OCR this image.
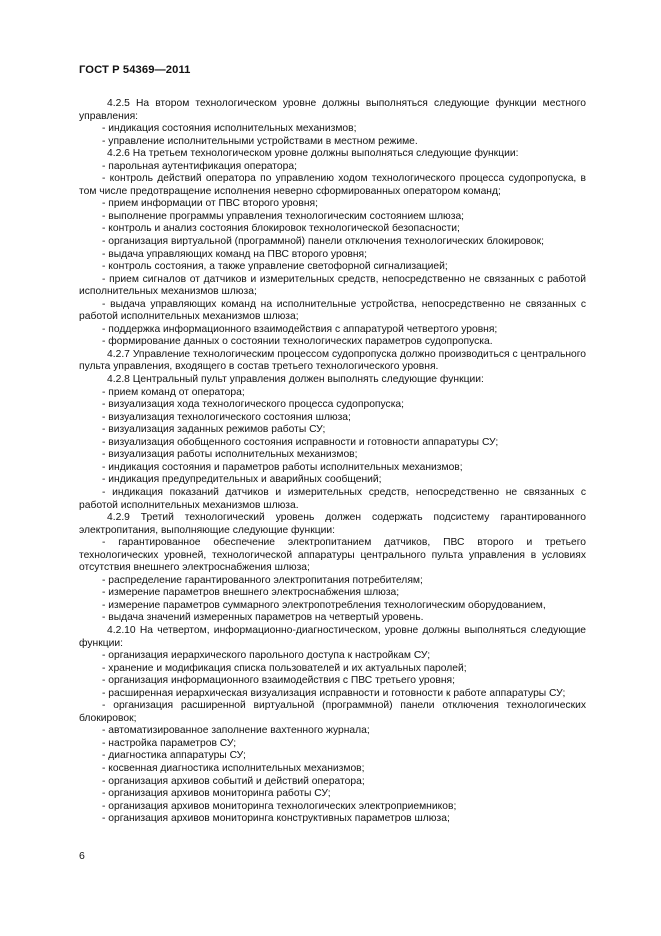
ГОСТ Р 54369—2011

4.2.5 На втором технологическом уровне должны выполняться следующие функции местного управления:

- индикация состояния исполнительных механизмов;

- управление исполнительными устройствами в местном режиме.

4.2.6 На третьем технологическом уровне должны выполняться следующие функции:

- парольная аутентификация оператора;

- контроль действий оператора по управлению ходом технологического процесса судопропуска, в том числе предотвращение исполнения неверно сформированных оператором команд;

- прием информации от ПВС второго уровня;

- выполнение программы управления технологическим состоянием шлюза;

- контроль и анализ состояния блокировок технологической безопасности;

- организация виртуальной (программной) панели отключения технологических блокировок;

- выдача управляющих команд на ПВС второго уровня;

- контроль состояния, а также управление светофорной сигнализацией;

- прием сигналов от датчиков и измерительных средств, непосредственно не связанных с работой исполнительных механизмов шлюза;

- выдача управляющих команд на исполнительные устройства, непосредственно не связанных с работой исполнительных механизмов шлюза;

- поддержка информационного взаимодействия с аппаратурой четвертого уровня;

- формирование данных о состоянии технологических параметров судопропуска.

4.2.7 Управление технологическим процессом судопропуска должно производиться с центрального пульта управления, входящего в состав третьего технологического уровня.

4.2.8 Центральный пульт управления должен выполнять следующие функции:

- прием команд от оператора;

- визуализация хода технологического процесса судопропуска;

- визуализация технологического состояния шлюза;

- визуализация заданных режимов работы СУ;

- визуализация обобщенного состояния исправности и готовности аппаратуры СУ;

- визуализация работы исполнительных механизмов;

- индикация состояния и параметров работы исполнительных механизмов;

- индикация предупредительных и аварийных сообщений;

- индикация показаний датчиков и измерительных средств, непосредственно не связанных с работой исполнительных механизмов шлюза.

4.2.9 Третий технологический уровень должен содержать подсистему гарантированного электропитания, выполняющие следующие функции:

- гарантированное обеспечение электропитанием датчиков, ПВС второго и третьего технологических уровней, технологической аппаратуры центрального пульта управления в условиях отсутствия внешнего электроснабжения шлюза;

- распределение гарантированного электропитания потребителям;

- измерение параметров внешнего электроснабжения шлюза;

- измерение параметров суммарного электропотребления технологическим оборудованием,

- выдача значений измеренных параметров на четвертый уровень.

4.2.10 На четвертом, информационно-диагностическом, уровне должны выполняться следующие функции:

- организация иерархического парольного доступа к настройкам СУ;

- хранение и модификация списка пользователей и их актуальных паролей;

- организация информационного взаимодействия с ПВС третьего уровня;

- расширенная иерархическая визуализация исправности и готовности к работе аппаратуры СУ;

- организация расширенной виртуальной (программной) панели отключения технологических блокировок;

- автоматизированное заполнение вахтенного журнала;

- настройка параметров СУ;

- диагностика аппаратуры СУ;

- косвенная диагностика исполнительных механизмов;

- организация архивов событий и действий оператора;

- организация архивов мониторинга работы СУ;

- организация архивов мониторинга технологических электроприемников;

- организация архивов мониторинга конструктивных параметров шлюза;

6
